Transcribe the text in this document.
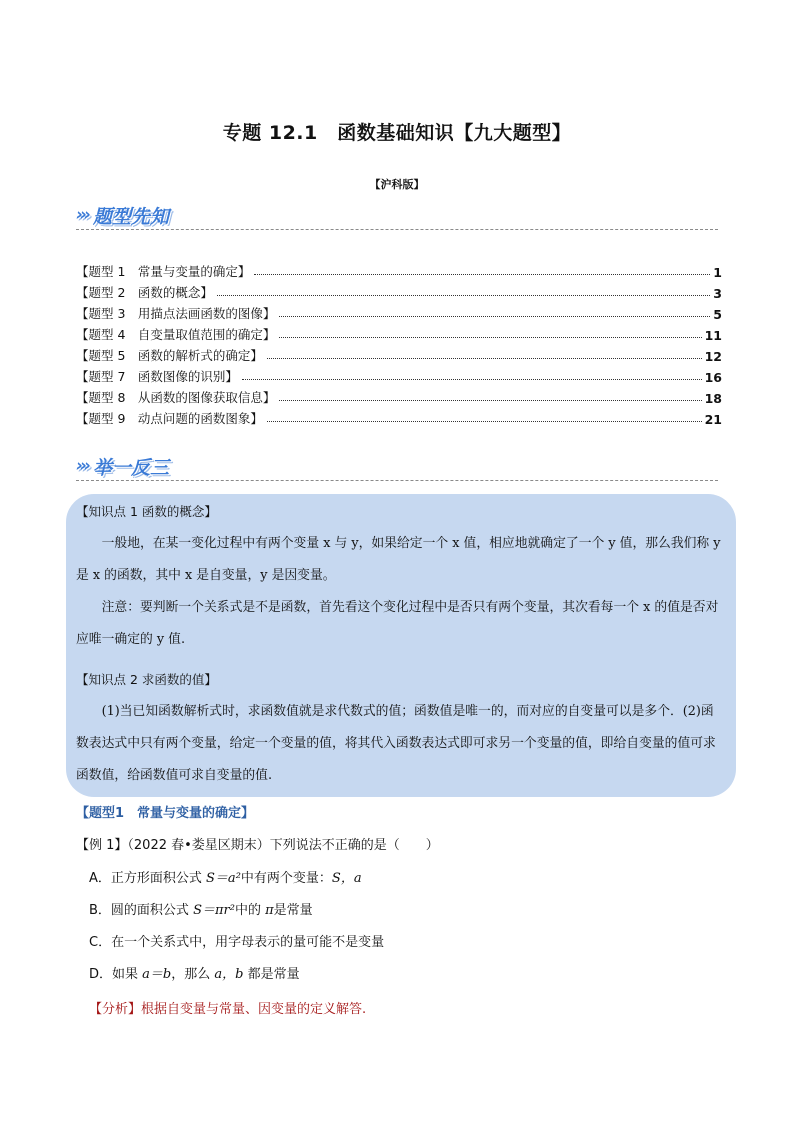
专题 12.1　函数基础知识【九大题型】
【沪科版】
››› 题型先知
【题型 1　常量与变量的确定】	1
【题型 2　函数的概念】	3
【题型 3　用描点法画函数的图像】	5
【题型 4　自变量取值范围的确定】	11
【题型 5　函数的解析式的确定】	12
【题型 7　函数图像的识别】	16
【题型 8　从函数的图像获取信息】	18
【题型 9　动点问题的函数图象】	21
››› 举一反三
【知识点 1 函数的概念】

一般地，在某一变化过程中有两个变量 x 与 y，如果给定一个 x 值，相应地就确定了一个 y 值，那么我们称 y 是 x 的函数，其中 x 是自变量，y 是因变量。

注意：要判断一个关系式是不是函数，首先看这个变化过程中是否只有两个变量，其次看每一个 x 的值是否对应唯一确定的 y 值.

【知识点 2 求函数的值】

(1)当已知函数解析式时，求函数值就是求代数式的值；函数值是唯一的，而对应的自变量可以是多个．(2)函数表达式中只有两个变量，给定一个变量的值，将其代入函数表达式即可求另一个变量的值，即给自变量的值可求函数值，给函数值可求自变量的值.

【题型1　常量与变量的确定】
【例 1】（2022 春•娄星区期末）下列说法不正确的是（　　）
A．正方形面积公式 S＝a²中有两个变量：S，a
B．圆的面积公式 S＝πr²中的 π是常量
C．在一个关系式中，用字母表示的量可能不是变量
D．如果 a＝b，那么 a，b 都是常量
【分析】根据自变量与常量、因变量的定义解答.
